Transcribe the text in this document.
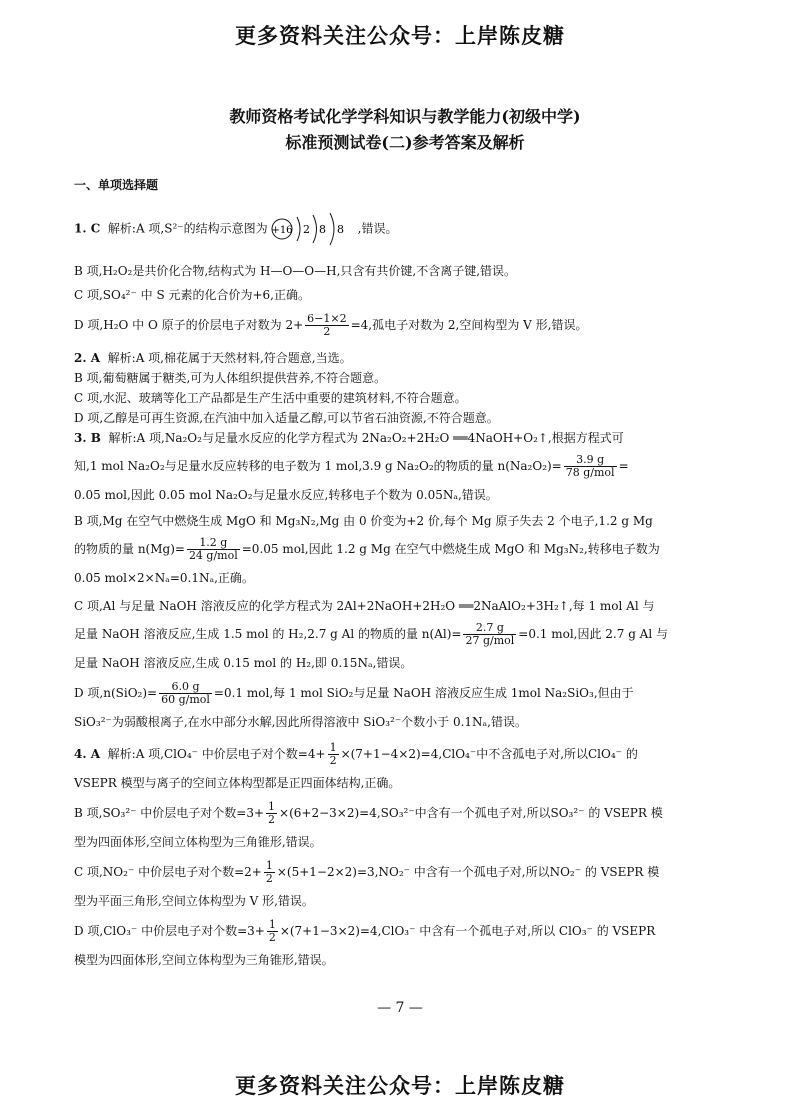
更多资料关注公众号：上岸陈皮糖
教师资格考试化学学科知识与教学能力(初级中学)
标准预测试卷(二)参考答案及解析
一、单项选择题

1. C 解析:A 项,S²⁻的结构示意图为 +16 2 8 8 ,错误。

B 项,H₂O₂是共价化合物,结构式为 H—O—O—H,只含有共价键,不含离子键,错误。

C 项,SO₄²⁻ 中 S 元素的化合价为+6,正确。

D 项,H₂O 中 O 原子的价层电子对数为 $2+ \frac{6-1\times 2}{2} =4$,孤电子对数为 2,空间构型为 V 形,错误。

2. A 解析:A 项,棉花属于天然材料,符合题意,当选。

B 项,葡萄糖属于糖类,可为人体组织提供营养,不符合题意。

C 项,水泥、玻璃等化工产品都是生产生活中重要的建筑材料,不符合题意。

D 项,乙醇是可再生资源,在汽油中加入适量乙醇,可以节省石油资源,不符合题意。

3. B 解析:A 项,Na₂O₂与足量水反应的化学方程式为 2Na₂O₂+2H₂O ══4NaOH+O₂↑,根据方程式可

知,1 mol Na₂O₂与足量水反应转移的电子数为 1 mol,3.9 g Na₂O₂的物质的量 $n(Na_2O_2)= \frac{3.9 g}{\text{78 g/mol}}$ =

0.05 mol,因此 0.05 mol Na₂O₂与足量水反应,转移电子个数为 0.05Nₐ,错误。

B 项,Mg 在空气中燃烧生成 MgO 和 Mg₃N₂,Mg 由 0 价变为+2 价,每个 Mg 原子失去 2 个电子,1.2 g Mg

的物质的量 $n(Mg)= \frac{1.2 g}{\text{24 g/mol}} =0.05$ mol,因此 1.2 g Mg 在空气中燃烧生成 MgO 和 Mg₃N₂,转移电子数为

0.05 mol×2×Nₐ=0.1Nₐ,正确。

C 项,Al 与足量 NaOH 溶液反应的化学方程式为 2Al+2NaOH+2H₂O ══2NaAlO₂+3H₂↑,每 1 mol Al 与

足量 NaOH 溶液反应,生成 1.5 mol 的 H₂,2.7 g Al 的物质的量 $n(Al)= \frac{2.7 g}{\text{27 g/mol}} =0.1$ mol,因此 2.7 g Al 与

足量 NaOH 溶液反应,生成 0.15 mol 的 H₂,即 0.15Nₐ,错误。

D 项$,n(SiO_2)= \frac{6.0 g}{\text{60 g/mol}} =0.1$ mol,每 1 mol SiO₂与足量 NaOH 溶液反应生成 1mol Na₂SiO₃,但由于

SiO₃²⁻为弱酸根离子,在水中部分水解,因此所得溶液中 SiO₃²⁻个数小于 0.1Nₐ,错误。

4. A 解析:A 项,ClO₄⁻ 中价层电子对个数$=4+ \frac{1}{2} \times(7+1-4\times 2)=4,ClO_4^-$中不含孤电子对,所以ClO₄⁻ 的

VSEPR 模型与离子的空间立体构型都是正四面体结构,正确。

B 项,SO₃²⁻ 中价层电子对个数$=3+ \frac{1}{2} \times(6+2-3\times 2)=4,SO_3^{2-}$中含有一个孤电子对,所以SO₃²⁻ 的 VSEPR 模

型为四面体形,空间立体构型为三角锥形,错误。

C 项,NO₂⁻ 中价层电子对个数$=2+ \frac{1}{2} \times(5+1-2\times 2)=3,NO_2^-$ 中含有一个孤电子对,所以NO₂⁻ 的 VSEPR 模

型为平面三角形,空间立体构型为 V 形,错误。

D 项,ClO₃⁻ 中价层电子对个数$=3+ \frac{1}{2} \times(7+1-3\times 2)=4,ClO_3^-$ 中含有一个孤电子对,所以 ClO₃⁻ 的 VSEPR

模型为四面体形,空间立体构型为三角锥形,错误。

— 7 —
更多资料关注公众号：上岸陈皮糖
